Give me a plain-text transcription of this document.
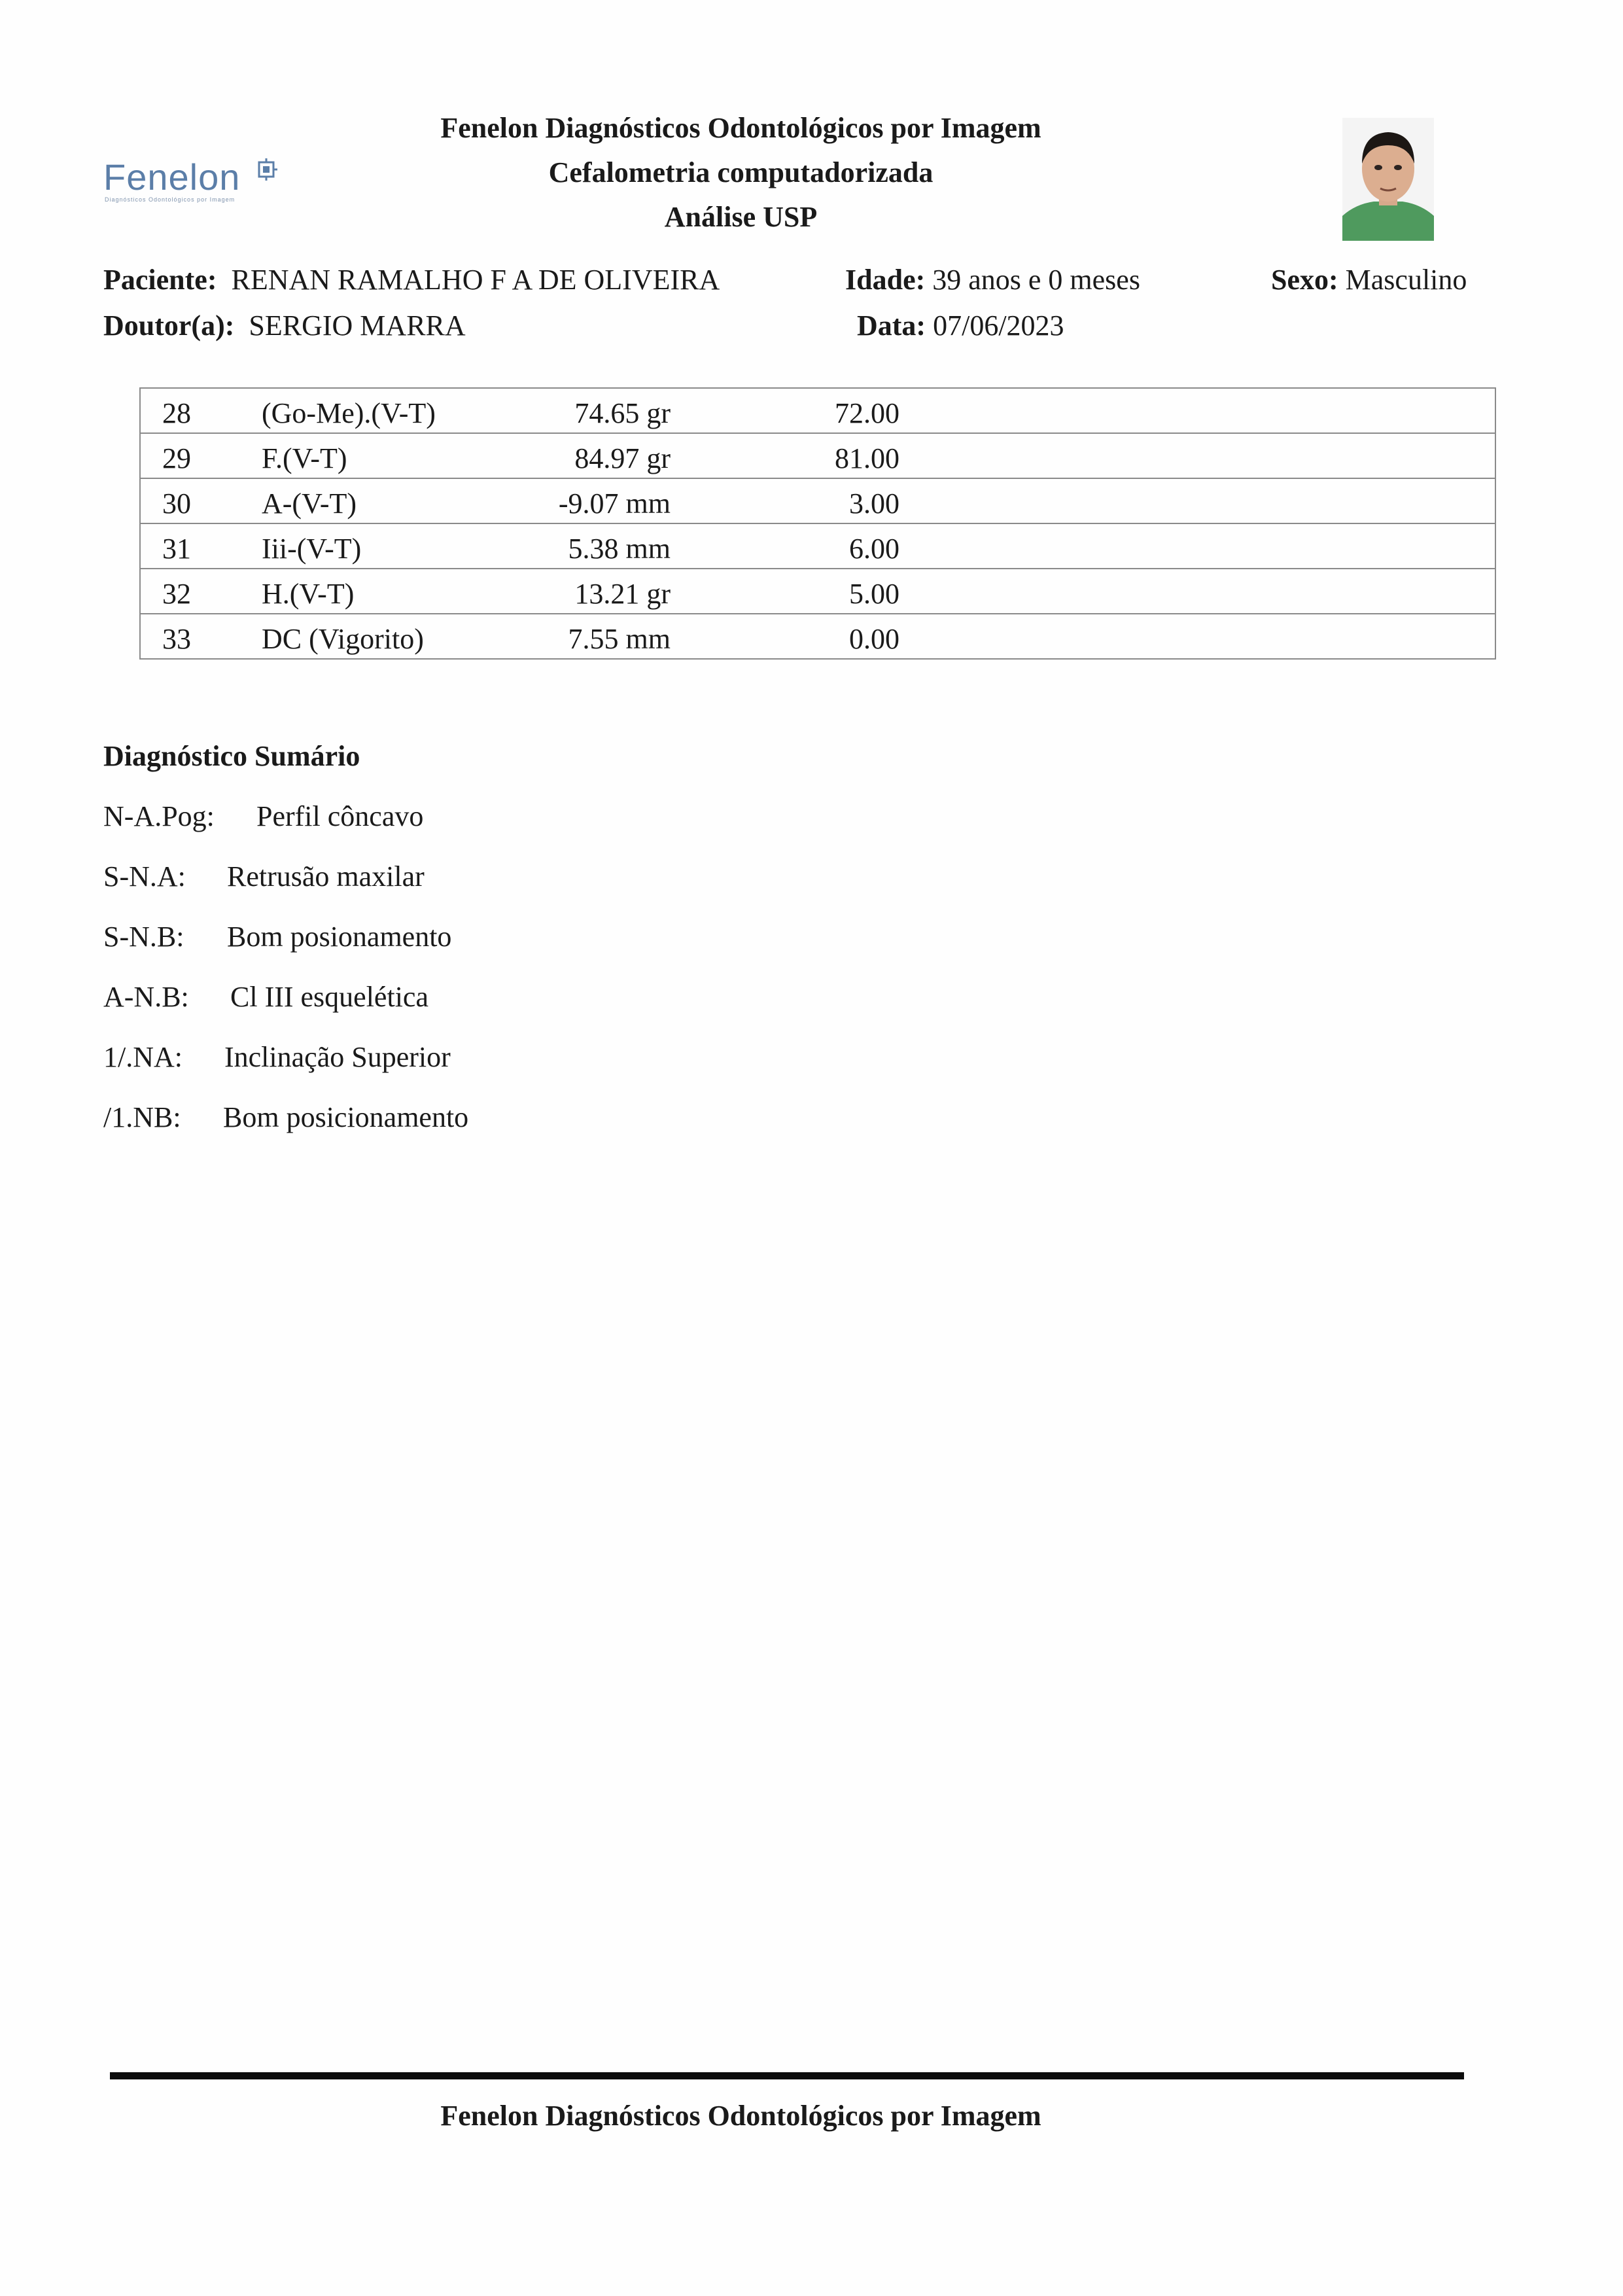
Fenelon
Diagnósticos Odontológicos por Imagem
Fenelon Diagnósticos Odontológicos por Imagem
Cefalometria computadorizada
Análise USP
Paciente: RENAN RAMALHO F A DE OLIVEIRA	Idade: 39 anos e 0 meses	Sexo: Masculino
Doutor(a): SERGIO MARRA	Data: 07/06/2023
28 (Go-Me).(V-T)	74.65 gr	72.00
29 F.(V-T)	84.97 gr	81.00
30 A-(V-T)	-9.07 mm	3.00
31 Iii-(V-T)	5.38 mm	6.00
32 H.(V-T)	13.21 gr	5.00
33 DC (Vigorito)	7.55 mm	0.00
Diagnóstico Sumário
N-A.Pog: Perfil côncavo
S-N.A: Retrusão maxilar
S-N.B: Bom posionamento
A-N.B: Cl III esquelética
1/.NA: Inclinação Superior
/1.NB: Bom posicionamento
Fenelon Diagnósticos Odontológicos por Imagem
